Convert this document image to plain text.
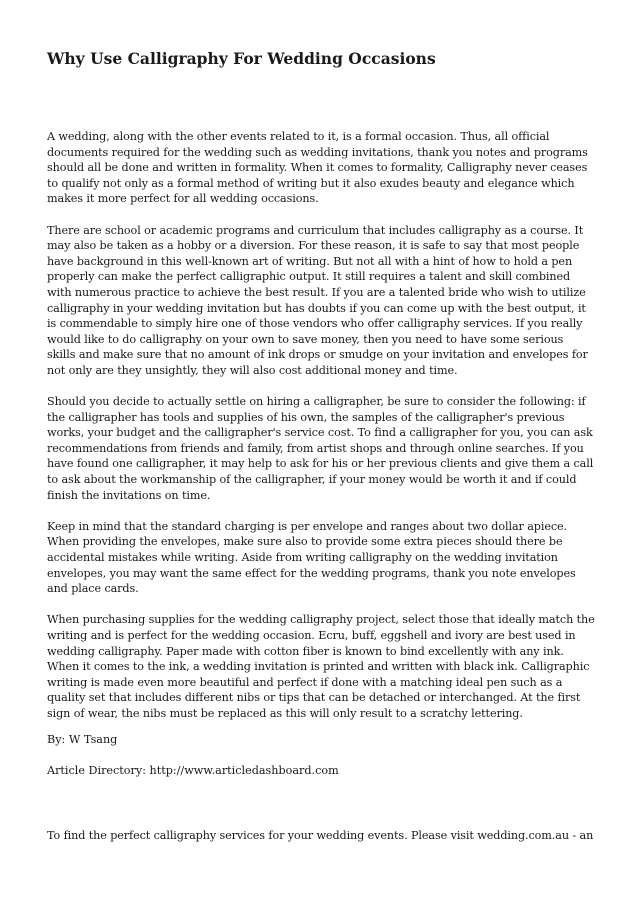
Why Use Calligraphy For Wedding Occasions

A wedding, along with the other events related to it, is a formal occasion. Thus, all official documents required for the wedding such as wedding invitations, thank you notes and programs should all be done and written in formality. When it comes to formality, Calligraphy never ceases to qualify not only as a formal method of writing but it also exudes beauty and elegance which makes it more perfect for all wedding occasions.

There are school or academic programs and curriculum that includes calligraphy as a course. It may also be taken as a hobby or a diversion. For these reason, it is safe to say that most people have background in this well-known art of writing. But not all with a hint of how to hold a pen properly can make the perfect calligraphic output. It still requires a talent and skill combined with numerous practice to achieve the best result. If you are a talented bride who wish to utilize calligraphy in your wedding invitation but has doubts if you can come up with the best output, it is commendable to simply hire one of those vendors who offer calligraphy services. If you really would like to do calligraphy on your own to save money, then you need to have some serious skills and make sure that no amount of ink drops or smudge on your invitation and envelopes for not only are they unsightly, they will also cost additional money and time.

Should you decide to actually settle on hiring a calligrapher, be sure to consider the following: if the calligrapher has tools and supplies of his own, the samples of the calligrapher's previous works, your budget and the calligrapher's service cost. To find a calligrapher for you, you can ask recommendations from friends and family, from artist shops and through online searches. If you have found one calligrapher, it may help to ask for his or her previous clients and give them a call to ask about the workmanship of the calligrapher, if your money would be worth it and if could finish the invitations on time.

Keep in mind that the standard charging is per envelope and ranges about two dollar apiece. When providing the envelopes, make sure also to provide some extra pieces should there be accidental mistakes while writing. Aside from writing calligraphy on the wedding invitation envelopes, you may want the same effect for the wedding programs, thank you note envelopes and place cards.

When purchasing supplies for the wedding calligraphy project, select those that ideally match the writing and is perfect for the wedding occasion. Ecru, buff, eggshell and ivory are best used in wedding calligraphy. Paper made with cotton fiber is known to bind excellently with any ink. When it comes to the ink, a wedding invitation is printed and written with black ink. Calligraphic writing is made even more beautiful and perfect if done with a matching ideal pen such as a quality set that includes different nibs or tips that can be detached or interchanged. At the first sign of wear, the nibs must be replaced as this will only result to a scratchy lettering.

By: W Tsang

Article Directory: http://www.articledashboard.com

To find the perfect calligraphy services for your wedding events. Please visit wedding.com.au - an
